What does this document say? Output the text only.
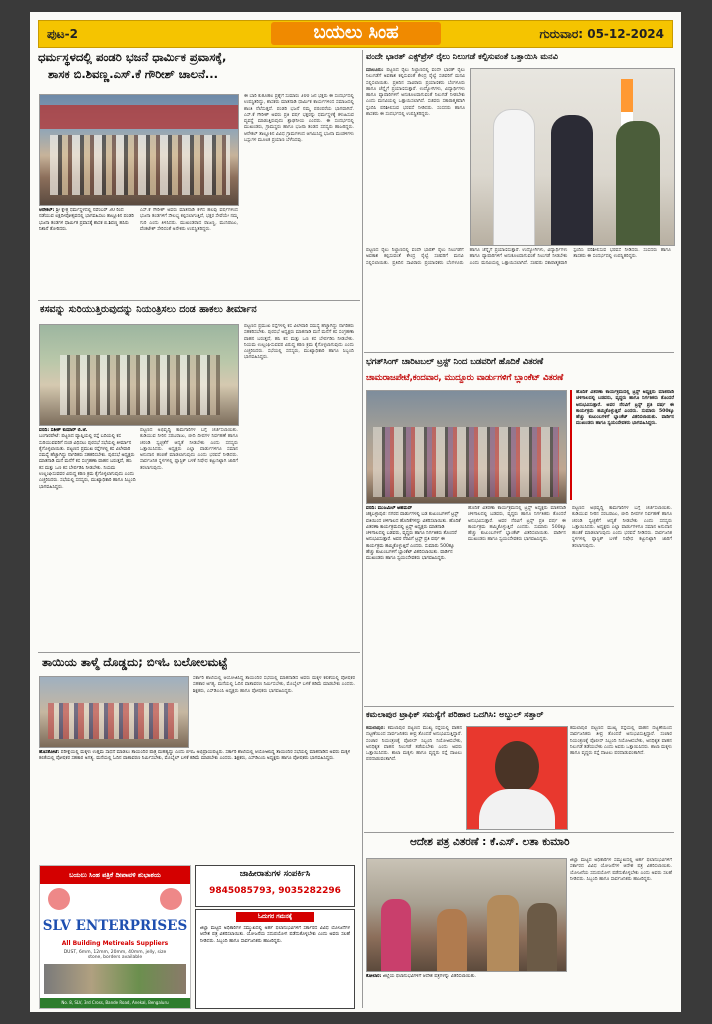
ಪುಟ-2	ಬಯಲು ಸಿಂಹ	ಗುರುವಾರ: 05-12-2024
ಧರ್ಮಸ್ಥಳದಲ್ಲಿ ಪಂಡರಿ ಭಜನೆ ಧಾರ್ಮಿಕ ಪ್ರವಾಸಕ್ಕೆ,
ಶಾಸಕ ಬಿ.ಶಿವಣ್ಣ.ಎಸ್.ಕೆ ಗೌರೀಶ್ ಚಾಲನೆ...
ಈ ಬಾರಿ ಕುತೂಹಲ ಪ್ರಶ್ನೆಗೆ ಸುಮಾರು 300 ಜನ ಭಕ್ತರು ಈ ಸಂದರ್ಭದಲ್ಲಿ ಉಪಸ್ಥಿತರಿದ್ದು, ಶಾಸಕರು ಮಾತನಾಡಿ ಧಾರ್ಮಿಕ ಕಾರ್ಯಗಳಿಂದ ಸಮಾಜದಲ್ಲಿ ಶಾಂತಿ ನೆಲೆಸುತ್ತದೆ. ಪಂಡರಿ ಭಜನೆ ನಮ್ಮ ಪರಂಪರೆಯ ಭಾಗವಾಗಿದೆ. ಎಸ್.ಕೆ ಗೌರೀಶ್ ಅವರು ಪ್ರತಿ ವರ್ಷ ಭಕ್ತರನ್ನು ಧರ್ಮಸ್ಥಳಕ್ಕೆ ಕಳುಹಿಸುವ ವ್ಯವಸ್ಥೆ ಮಾಡುತ್ತಿರುವುದು ಶ್ಲಾಘನೀಯ ಎಂದರು. ಈ ಸಂದರ್ಭದಲ್ಲಿ ಮುಖಂಡರು, ಗ್ರಾಮಸ್ಥರು ಹಾಗೂ ಭಜನಾ ತಂಡದ ಸದಸ್ಯರು ಹಾಜರಿದ್ದರು. ಆನೇಕಲ್ ತಾಲ್ಲೂಕಿನ ವಿವಿಧ ಗ್ರಾಮಗಳಿಂದ ಆಗಮಿಸಿದ್ದ ಭಜನಾ ಮಂಡಳಿಗಳು ಬಸ್ಸುಗಳ ಮೂಲಕ ಪ್ರಯಾಣ ಬೆಳೆಸಿದವು.
ಆನೇಕಲ್: ಶ್ರೀ ಕ್ಷೇತ್ರ ಧರ್ಮಸ್ಥಳದಲ್ಲಿ ನವೆಂಬರ್ 30 ರಿಂದ ನಡೆಯುವ ಲಕ್ಷದೀಪೋತ್ಸವದಲ್ಲಿ ಭಾಗವಹಿಸಲು ತಾಲ್ಲೂಕಿನ ಪಂಡರಿ ಭಜನಾ ತಂಡಗಳ ಧಾರ್ಮಿಕ ಪ್ರವಾಸಕ್ಕೆ ಶಾಸಕ ಬಿ.ಶಿವಣ್ಣ ಹಸಿರು ನಿಶಾನೆ ತೋರಿದರು.
ಎಸ್.ಕೆ ಗೌರೀಶ್ ಅವರು ಮಾತನಾಡಿ ಕಳೆದ ಹಲವು ವರ್ಷಗಳಿಂದ ಭಜನಾ ತಂಡಗಳಿಗೆ ಸೌಲಭ್ಯ ಕಲ್ಪಿಸಲಾಗುತ್ತಿದೆ, ಭಕ್ತರ ಸೇವೆಯೇ ನಮ್ಮ ಗುರಿ ಎಂದು ತಿಳಿಸಿದರು. ಮುಖಂಡರಾದ ರಾಜಣ್ಣ, ಮುನಿರಾಜು, ವೆಂಕಟೇಶ್ ಸೇರಿದಂತೆ ಅನೇಕರು ಉಪಸ್ಥಿತರಿದ್ದರು.
ಕಸವನ್ನು ಸುರಿಯುತ್ತಿರುವುದನ್ನು ನಿಯಂತ್ರಿಸಲು ದಂಡ ಹಾಕಲು ತೀರ್ಮಾನ
ವರದಿ: ಸತೀಶ್ ಕುಮಾರ್ ಬಿ.ಜೆ.
ಬಂಗಾರಪೇಟೆ: ಪಟ್ಟಣದ ವ್ಯಾಪ್ತಿಯಲ್ಲಿ ರಸ್ತೆ ಬದಿಯಲ್ಲಿ ಕಸ ಸುರಿಯುವವರಿಗೆ ದಂಡ ವಿಧಿಸಲು ಪುರಸಭೆ ಸಭೆಯಲ್ಲಿ ತೀರ್ಮಾನ ಕೈಗೊಳ್ಳಲಾಯಿತು. ಪಟ್ಟಣದ ಪ್ರಮುಖ ರಸ್ತೆಗಳಲ್ಲಿ ಕಸ ವಿಲೇವಾರಿ ಸಮಸ್ಯೆ ಹೆಚ್ಚಾಗಿದ್ದು ನಾಗರಿಕರು ಸಹಕರಿಸಬೇಕು. ಪುರಸಭೆ ಅಧ್ಯಕ್ಷರು ಮಾತನಾಡಿ ಮನೆ ಮನೆಗೆ ಕಸ ಸಂಗ್ರಹಣಾ ವಾಹನ ಬರುತ್ತದೆ, ಹಸಿ ಕಸ ಮತ್ತು ಒಣ ಕಸ ಬೇರ್ಪಡಿಸಿ ನೀಡಬೇಕು. ನಿಯಮ ಉಲ್ಲಂಘಿಸುವವರ ವಿರುದ್ಧ ಕಠಿಣ ಕ್ರಮ ಕೈಗೊಳ್ಳಲಾಗುವುದು ಎಂದು ಎಚ್ಚರಿಸಿದರು. ಸಭೆಯಲ್ಲಿ ಸದಸ್ಯರು, ಮುಖ್ಯಾಧಿಕಾರಿ ಹಾಗೂ ಸಿಬ್ಬಂದಿ ಭಾಗವಹಿಸಿದ್ದರು.
ಪಟ್ಟಣದ ಅಭಿವೃದ್ಧಿ ಕಾಮಗಾರಿಗಳ ಬಗ್ಗೆ ಚರ್ಚಿಸಲಾಯಿತು. ಕುಡಿಯುವ ನೀರಿನ ಸರಬರಾಜು, ಬೀದಿ ದೀಪಗಳ ನಿರ್ವಹಣೆ ಹಾಗೂ ಚರಂಡಿ ಸ್ವಚ್ಛತೆಗೆ ಆದ್ಯತೆ ನೀಡಬೇಕು ಎಂದು ಸದಸ್ಯರು ಒತ್ತಾಯಿಸಿದರು. ಅಧ್ಯಕ್ಷರು ಎಲ್ಲಾ ವಾರ್ಡುಗಳಿಗೂ ಸಮಾನ ಅನುದಾನ ಹಂಚಿಕೆ ಮಾಡಲಾಗುವುದು ಎಂದು ಭರವಸೆ ನೀಡಿದರು. ಸಾರ್ವಜನಿಕ ಸ್ಥಳಗಳಲ್ಲಿ ಪ್ಲಾಸ್ಟಿಕ್ ಬಳಕೆ ನಿಷೇಧ ಕಟ್ಟುನಿಟ್ಟಾಗಿ ಜಾರಿಗೆ ತರಲಾಗುವುದು.
ಪಟ್ಟಣದ ಪ್ರಮುಖ ರಸ್ತೆಗಳಲ್ಲಿ ಕಸ ವಿಲೇವಾರಿ ಸಮಸ್ಯೆ ಹೆಚ್ಚಾಗಿದ್ದು ನಾಗರಿಕರು ಸಹಕರಿಸಬೇಕು. ಪುರಸಭೆ ಅಧ್ಯಕ್ಷರು ಮಾತನಾಡಿ ಮನೆ ಮನೆಗೆ ಕಸ ಸಂಗ್ರಹಣಾ ವಾಹನ ಬರುತ್ತದೆ, ಹಸಿ ಕಸ ಮತ್ತು ಒಣ ಕಸ ಬೇರ್ಪಡಿಸಿ ನೀಡಬೇಕು. ನಿಯಮ ಉಲ್ಲಂಘಿಸುವವರ ವಿರುದ್ಧ ಕಠಿಣ ಕ್ರಮ ಕೈಗೊಳ್ಳಲಾಗುವುದು ಎಂದು ಎಚ್ಚರಿಸಿದರು. ಸಭೆಯಲ್ಲಿ ಸದಸ್ಯರು, ಮುಖ್ಯಾಧಿಕಾರಿ ಹಾಗೂ ಸಿಬ್ಬಂದಿ ಭಾಗವಹಿಸಿದ್ದರು.
ತಾಯಿಯ ತಾಳ್ಮೆ ದೊಡ್ಡದು; ಬಿಇಓ ಬಲೋಲಮಟ್ಟೆ
ಸರ್ಕಾರಿ ಶಾಲೆಯಲ್ಲಿ ಆಯೋಜಿಸಿದ್ದ ತಾಯಂದಿರ ಸಭೆಯಲ್ಲಿ ಮಾತನಾಡಿದ ಅವರು ಮಕ್ಕಳ ಕಲಿಕೆಯಲ್ಲಿ ಪೋಷಕರ ಸಹಕಾರ ಅಗತ್ಯ. ಮನೆಯಲ್ಲಿ ಓದಿನ ವಾತಾವರಣ ನಿರ್ಮಿಸಬೇಕು, ಮೊಬೈಲ್ ಬಳಕೆ ಕಡಿಮೆ ಮಾಡಬೇಕು ಎಂದರು. ಶಿಕ್ಷಕರು, ಎಸ್‌ಡಿಎಂಸಿ ಅಧ್ಯಕ್ಷರು ಹಾಗೂ ಪೋಷಕರು ಭಾಗವಹಿಸಿದ್ದರು.
ಹೊಸಕೋಟೆ: ಪರೀಕ್ಷೆಯಲ್ಲಿ ಮಕ್ಕಳು ಉತ್ತಮ ಸಾಧನೆ ಮಾಡಲು ತಾಯಂದಿರ ಪಾತ್ರ ಮಹತ್ವದ್ದು ಎಂದು ಬಿಇಓ ಅಭಿಪ್ರಾಯಪಟ್ಟರು. ಸರ್ಕಾರಿ ಶಾಲೆಯಲ್ಲಿ ಆಯೋಜಿಸಿದ್ದ ತಾಯಂದಿರ ಸಭೆಯಲ್ಲಿ ಮಾತನಾಡಿದ ಅವರು ಮಕ್ಕಳ ಕಲಿಕೆಯಲ್ಲಿ ಪೋಷಕರ ಸಹಕಾರ ಅಗತ್ಯ. ಮನೆಯಲ್ಲಿ ಓದಿನ ವಾತಾವರಣ ನಿರ್ಮಿಸಬೇಕು, ಮೊಬೈಲ್ ಬಳಕೆ ಕಡಿಮೆ ಮಾಡಬೇಕು ಎಂದರು. ಶಿಕ್ಷಕರು, ಎಸ್‌ಡಿಎಂಸಿ ಅಧ್ಯಕ್ಷರು ಹಾಗೂ ಪೋಷಕರು ಭಾಗವಹಿಸಿದ್ದರು.
ಬಯಲು ಸಿಂಹ ಪತ್ರಿಕೆ ದೀಪಾವಳಿ ಶುಭಾಶಯ
SLV ENTERPRISES
All Building Metireals Suppliers
DUST, 6mm, 12mm, 20mm, 40mm, jelly, size stone, borders available
No. 8, SLV, 3rd Cross, Bande Road, Anekal, Bengaluru
ಜಾಹೀರಾತುಗಳ ಸಂಪರ್ಕಿಸಿ
9845085793, 9035282296
ಓದುಗರ ಗಮನಕ್ಕೆ
ಜಿಲ್ಲಾ ಮಟ್ಟದ ಅಧಿಕಾರಿಗಳ ಸಮ್ಮುಖದಲ್ಲಿ ಅರ್ಹ ಫಲಾನುಭವಿಗಳಿಗೆ ಸರ್ಕಾರದ ವಿವಿಧ ಯೋಜನೆಗಳ ಆದೇಶ ಪತ್ರ ವಿತರಿಸಲಾಯಿತು. ಯೋಜನೆಯ ಸದುಪಯೋಗ ಪಡೆದುಕೊಳ್ಳಬೇಕು ಎಂದು ಅವರು ಸಲಹೆ ನೀಡಿದರು. ಸಿಬ್ಬಂದಿ ಹಾಗೂ ಸಾರ್ವಜನಿಕರು ಹಾಜರಿದ್ದರು.
ವಂದೇ ಭಾರತ್ ಎಕ್ಸ್‌ಪ್ರೆಸ್ ರೈಲು ನಿಲುಗಡೆ ಕಲ್ಪಿಸುವಂತೆ ಒತ್ತಾಯಿಸಿ ಮನವಿ
ಮಾಲೂರು: ಪಟ್ಟಣದ ರೈಲು ನಿಲ್ದಾಣದಲ್ಲಿ ವಂದೇ ಭಾರತ್ ರೈಲು ನಿಲುಗಡೆಗೆ ಅವಕಾಶ ಕಲ್ಪಿಸುವಂತೆ ಕೇಂದ್ರ ರೈಲ್ವೆ ಸಚಿವರಿಗೆ ಮನವಿ ಸಲ್ಲಿಸಲಾಯಿತು. ಪ್ರತಿದಿನ ಸಾವಿರಾರು ಪ್ರಯಾಣಿಕರು ಬೆಂಗಳೂರು ಹಾಗೂ ಚೆನ್ನೈಗೆ ಪ್ರಯಾಣಿಸುತ್ತಾರೆ. ಉದ್ಯೋಗಿಗಳು, ವಿದ್ಯಾರ್ಥಿಗಳು ಹಾಗೂ ವ್ಯಾಪಾರಿಗಳಿಗೆ ಅನುಕೂಲವಾಗುವಂತೆ ನಿಲುಗಡೆ ನೀಡಬೇಕು ಎಂದು ಮನವಿಯಲ್ಲಿ ಒತ್ತಾಯಿಸಲಾಗಿದೆ. ಸಚಿವರು ಸಕಾರಾತ್ಮಕವಾಗಿ ಸ್ಪಂದಿಸಿ ಪರಿಶೀಲಿಸುವ ಭರವಸೆ ನೀಡಿದರು. ಸಂಸದರು ಹಾಗೂ ಶಾಸಕರು ಈ ಸಂದರ್ಭದಲ್ಲಿ ಉಪಸ್ಥಿತರಿದ್ದರು.
ಪಟ್ಟಣದ ರೈಲು ನಿಲ್ದಾಣದಲ್ಲಿ ವಂದೇ ಭಾರತ್ ರೈಲು ನಿಲುಗಡೆಗೆ ಅವಕಾಶ ಕಲ್ಪಿಸುವಂತೆ ಕೇಂದ್ರ ರೈಲ್ವೆ ಸಚಿವರಿಗೆ ಮನವಿ ಸಲ್ಲಿಸಲಾಯಿತು. ಪ್ರತಿದಿನ ಸಾವಿರಾರು ಪ್ರಯಾಣಿಕರು ಬೆಂಗಳೂರು ಹಾಗೂ ಚೆನ್ನೈಗೆ ಪ್ರಯಾಣಿಸುತ್ತಾರೆ. ಉದ್ಯೋಗಿಗಳು, ವಿದ್ಯಾರ್ಥಿಗಳು ಹಾಗೂ ವ್ಯಾಪಾರಿಗಳಿಗೆ ಅನುಕೂಲವಾಗುವಂತೆ ನಿಲುಗಡೆ ನೀಡಬೇಕು ಎಂದು ಮನವಿಯಲ್ಲಿ ಒತ್ತಾಯಿಸಲಾಗಿದೆ. ಸಚಿವರು ಸಕಾರಾತ್ಮಕವಾಗಿ ಸ್ಪಂದಿಸಿ ಪರಿಶೀಲಿಸುವ ಭರವಸೆ ನೀಡಿದರು. ಸಂಸದರು ಹಾಗೂ ಶಾಸಕರು ಈ ಸಂದರ್ಭದಲ್ಲಿ ಉಪಸ್ಥಿತರಿದ್ದರು.
ಭಗತ್‌ಸಿಂಗ್ ಚಾರಿಟಬಲ್ ಟ್ರಸ್ಟ್ ನಿಂದ ಬಡವರಿಗೆ ಹೊದಿಕೆ ವಿತರಣೆ
ಚಾಮರಾಜಪೇಟೆ,ಕಂದವಾರ, ಮುದ್ದೂರು ವಾರ್ಡುಗಳಿಗೆ ಬ್ಲಾಂಕೆಟ್ ವಿತರಣೆ
ಹೊದಿಕೆ ವಿತರಣಾ ಕಾರ್ಯಕ್ರಮದಲ್ಲಿ ಟ್ರಸ್ಟ್ ಅಧ್ಯಕ್ಷರು ಮಾತನಾಡಿ ಚಳಿಗಾಲದಲ್ಲಿ ಬಡವರು, ವೃದ್ಧರು ಹಾಗೂ ನಿರ್ಗತಿಕರು ತೊಂದರೆ ಅನುಭವಿಸುತ್ತಾರೆ. ಅವರ ನೆರವಿಗೆ ಟ್ರಸ್ಟ್ ಪ್ರತಿ ವರ್ಷ ಈ ಕಾರ್ಯಕ್ರಮ ಹಮ್ಮಿಕೊಳ್ಳುತ್ತಿದೆ ಎಂದರು. ಸುಮಾರು 500ಕ್ಕೂ ಹೆಚ್ಚು ಕುಟುಂಬಗಳಿಗೆ ಬ್ಲಾಂಕೆಟ್ ವಿತರಿಸಲಾಯಿತು. ವಾರ್ಡಿನ ಮುಖಂಡರು ಹಾಗೂ ಸ್ವಯಂಸೇವಕರು ಭಾಗವಹಿಸಿದ್ದರು.
ವರದಿ: ಮುಜಮಿಲ್ ಅಹಮದ್
ಚಿಕ್ಕಬಳ್ಳಾಪುರ: ನಗರದ ವಾರ್ಡುಗಳಲ್ಲಿ ಬಡ ಕುಟುಂಬಗಳಿಗೆ ಟ್ರಸ್ಟ್ ವತಿಯಿಂದ ಚಳಿಗಾಲದ ಹೊದಿಕೆಗಳನ್ನು ವಿತರಿಸಲಾಯಿತು. ಹೊದಿಕೆ ವಿತರಣಾ ಕಾರ್ಯಕ್ರಮದಲ್ಲಿ ಟ್ರಸ್ಟ್ ಅಧ್ಯಕ್ಷರು ಮಾತನಾಡಿ ಚಳಿಗಾಲದಲ್ಲಿ ಬಡವರು, ವೃದ್ಧರು ಹಾಗೂ ನಿರ್ಗತಿಕರು ತೊಂದರೆ ಅನುಭವಿಸುತ್ತಾರೆ. ಅವರ ನೆರವಿಗೆ ಟ್ರಸ್ಟ್ ಪ್ರತಿ ವರ್ಷ ಈ ಕಾರ್ಯಕ್ರಮ ಹಮ್ಮಿಕೊಳ್ಳುತ್ತಿದೆ ಎಂದರು. ಸುಮಾರು 500ಕ್ಕೂ ಹೆಚ್ಚು ಕುಟುಂಬಗಳಿಗೆ ಬ್ಲಾಂಕೆಟ್ ವಿತರಿಸಲಾಯಿತು. ವಾರ್ಡಿನ ಮುಖಂಡರು ಹಾಗೂ ಸ್ವಯಂಸೇವಕರು ಭಾಗವಹಿಸಿದ್ದರು.
ಹೊದಿಕೆ ವಿತರಣಾ ಕಾರ್ಯಕ್ರಮದಲ್ಲಿ ಟ್ರಸ್ಟ್ ಅಧ್ಯಕ್ಷರು ಮಾತನಾಡಿ ಚಳಿಗಾಲದಲ್ಲಿ ಬಡವರು, ವೃದ್ಧರು ಹಾಗೂ ನಿರ್ಗತಿಕರು ತೊಂದರೆ ಅನುಭವಿಸುತ್ತಾರೆ. ಅವರ ನೆರವಿಗೆ ಟ್ರಸ್ಟ್ ಪ್ರತಿ ವರ್ಷ ಈ ಕಾರ್ಯಕ್ರಮ ಹಮ್ಮಿಕೊಳ್ಳುತ್ತಿದೆ ಎಂದರು. ಸುಮಾರು 500ಕ್ಕೂ ಹೆಚ್ಚು ಕುಟುಂಬಗಳಿಗೆ ಬ್ಲಾಂಕೆಟ್ ವಿತರಿಸಲಾಯಿತು. ವಾರ್ಡಿನ ಮುಖಂಡರು ಹಾಗೂ ಸ್ವಯಂಸೇವಕರು ಭಾಗವಹಿಸಿದ್ದರು.
ಪಟ್ಟಣದ ಅಭಿವೃದ್ಧಿ ಕಾಮಗಾರಿಗಳ ಬಗ್ಗೆ ಚರ್ಚಿಸಲಾಯಿತು. ಕುಡಿಯುವ ನೀರಿನ ಸರಬರಾಜು, ಬೀದಿ ದೀಪಗಳ ನಿರ್ವಹಣೆ ಹಾಗೂ ಚರಂಡಿ ಸ್ವಚ್ಛತೆಗೆ ಆದ್ಯತೆ ನೀಡಬೇಕು ಎಂದು ಸದಸ್ಯರು ಒತ್ತಾಯಿಸಿದರು. ಅಧ್ಯಕ್ಷರು ಎಲ್ಲಾ ವಾರ್ಡುಗಳಿಗೂ ಸಮಾನ ಅನುದಾನ ಹಂಚಿಕೆ ಮಾಡಲಾಗುವುದು ಎಂದು ಭರವಸೆ ನೀಡಿದರು. ಸಾರ್ವಜನಿಕ ಸ್ಥಳಗಳಲ್ಲಿ ಪ್ಲಾಸ್ಟಿಕ್ ಬಳಕೆ ನಿಷೇಧ ಕಟ್ಟುನಿಟ್ಟಾಗಿ ಜಾರಿಗೆ ತರಲಾಗುವುದು.
ಕಮಲಾಪುರ ಟ್ರಾಫಿಕ್ ಸಮಸ್ಯೆಗೆ ಪರಿಹಾರ ಒದಗಿಸಿ: ಅಬ್ದುಲ್ ಸತ್ತಾರ್
ಕಮಲಾಪುರ: ಕಮಲಾಪುರ ಪಟ್ಟಣದ ಮುಖ್ಯ ರಸ್ತೆಯಲ್ಲಿ ವಾಹನ ದಟ್ಟಣೆಯಿಂದ ಸಾರ್ವಜನಿಕರು ತೀವ್ರ ತೊಂದರೆ ಅನುಭವಿಸುತ್ತಿದ್ದಾರೆ. ಸಂಚಾರ ನಿಯಂತ್ರಣಕ್ಕೆ ಪೊಲೀಸ್ ಸಿಬ್ಬಂದಿ ನಿಯೋಜಿಸಬೇಕು, ಅನಧಿಕೃತ ವಾಹನ ನಿಲುಗಡೆ ತಡೆಯಬೇಕು ಎಂದು ಅವರು ಒತ್ತಾಯಿಸಿದರು. ಶಾಲಾ ಮಕ್ಕಳು ಹಾಗೂ ವೃದ್ಧರು ರಸ್ತೆ ದಾಟಲು ಪರದಾಡುವಂತಾಗಿದೆ.
ಕಮಲಾಪುರ ಪಟ್ಟಣದ ಮುಖ್ಯ ರಸ್ತೆಯಲ್ಲಿ ವಾಹನ ದಟ್ಟಣೆಯಿಂದ ಸಾರ್ವಜನಿಕರು ತೀವ್ರ ತೊಂದರೆ ಅನುಭವಿಸುತ್ತಿದ್ದಾರೆ. ಸಂಚಾರ ನಿಯಂತ್ರಣಕ್ಕೆ ಪೊಲೀಸ್ ಸಿಬ್ಬಂದಿ ನಿಯೋಜಿಸಬೇಕು, ಅನಧಿಕೃತ ವಾಹನ ನಿಲುಗಡೆ ತಡೆಯಬೇಕು ಎಂದು ಅವರು ಒತ್ತಾಯಿಸಿದರು. ಶಾಲಾ ಮಕ್ಕಳು ಹಾಗೂ ವೃದ್ಧರು ರಸ್ತೆ ದಾಟಲು ಪರದಾಡುವಂತಾಗಿದೆ.
ಆದೇಶ ಪತ್ರ ವಿತರಣೆ : ಕೆ.ಎಸ್. ಲತಾ ಕುಮಾರಿ
ಜಿಲ್ಲಾ ಮಟ್ಟದ ಅಧಿಕಾರಿಗಳ ಸಮ್ಮುಖದಲ್ಲಿ ಅರ್ಹ ಫಲಾನುಭವಿಗಳಿಗೆ ಸರ್ಕಾರದ ವಿವಿಧ ಯೋಜನೆಗಳ ಆದೇಶ ಪತ್ರ ವಿತರಿಸಲಾಯಿತು. ಯೋಜನೆಯ ಸದುಪಯೋಗ ಪಡೆದುಕೊಳ್ಳಬೇಕು ಎಂದು ಅವರು ಸಲಹೆ ನೀಡಿದರು. ಸಿಬ್ಬಂದಿ ಹಾಗೂ ಸಾರ್ವಜನಿಕರು ಹಾಜರಿದ್ದರು.
ಕೋಲಾರ: ಜಿಲ್ಲೆಯ ಫಲಾನುಭವಿಗಳಿಗೆ ಆದೇಶ ಪತ್ರಗಳನ್ನು ವಿತರಿಸಲಾಯಿತು.
